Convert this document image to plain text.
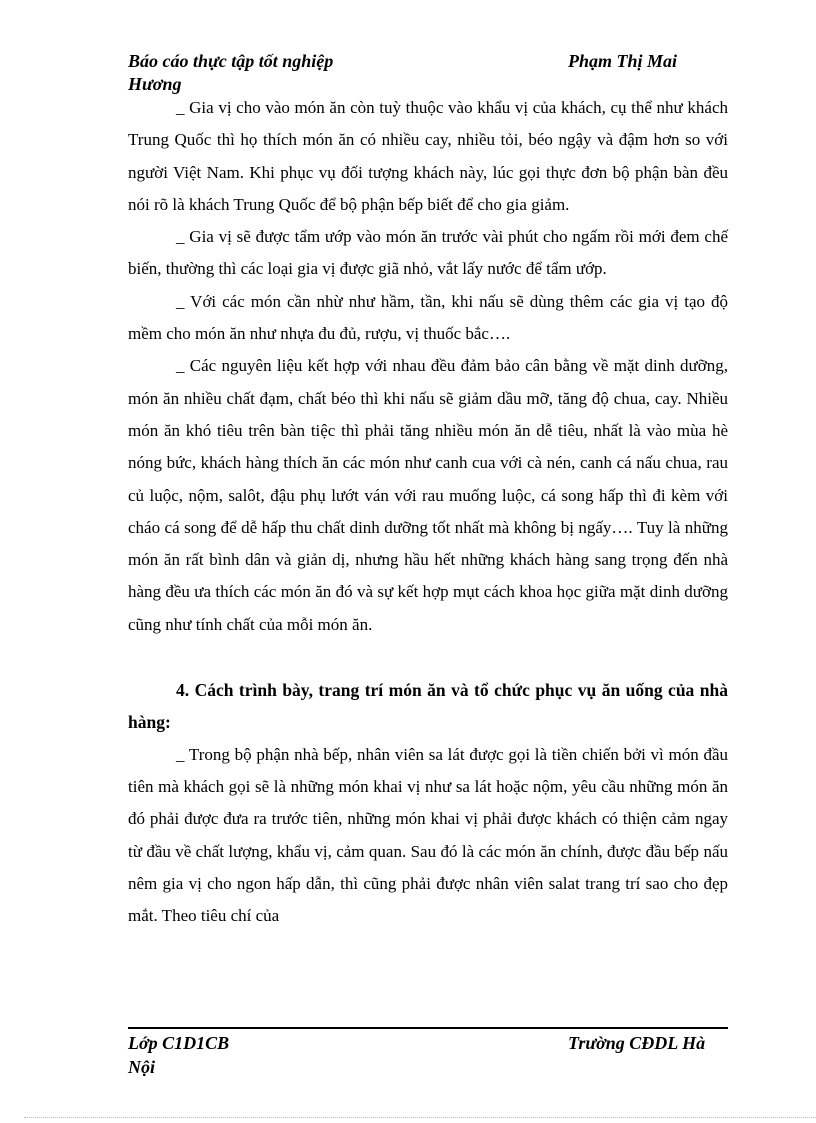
Báo cáo thực tập tốt nghiệp	Phạm Thị Mai
Hương

_ Gia vị cho vào món ăn còn tuỳ thuộc vào khẩu vị của khách, cụ thể như khách Trung Quốc thì họ thích món ăn có nhiều cay, nhiều tỏi, béo ngậy và đậm hơn so với người Việt Nam. Khi phục vụ đối tượng khách này, lúc gọi thực đơn bộ phận bàn đều nói rõ là khách Trung Quốc để bộ phận bếp biết để cho gia giảm.

_ Gia vị sẽ được tẩm ướp vào món ăn trước vài phút cho ngấm rồi mới đem chế biến, thường thì các loại gia vị được giã nhỏ, vắt lấy nước để tẩm ướp.

_ Với các món cần nhừ như hầm, tần, khi nấu sẽ dùng thêm các gia vị tạo độ mềm cho món ăn như nhựa đu đủ, rượu, vị thuốc bắc….

_ Các nguyên liệu kết hợp với nhau đều đảm bảo cân bằng về mặt dinh dưỡng, món ăn nhiều chất đạm, chất béo thì khi nấu sẽ giảm dầu mỡ, tăng độ chua, cay. Nhiều món ăn khó tiêu trên bàn tiệc thì phải tăng nhiều món ăn dễ tiêu, nhất là vào mùa hè nóng bức, khách hàng thích ăn các món như canh cua với cà nén, canh cá nấu chua, rau củ luộc, nộm, salôt, đậu phụ lướt ván với rau muống luộc, cá song hấp thì đi kèm với cháo cá song để dễ hấp thu chất dinh dưỡng tốt nhất mà không bị ngấy…. Tuy là những món ăn rất bình dân và giản dị, nhưng hầu hết những khách hàng sang trọng đến nhà hàng đều ưa thích các món ăn đó và sự kết hợp mụt cách khoa học giữa mặt dinh dưỡng cũng như tính chất của mỗi món ăn.

4. Cách trình bày, trang trí món ăn và tổ chức phục vụ ăn uống của nhà hàng:

_ Trong bộ phận nhà bếp, nhân viên sa lát được gọi là tiền chiến bởi vì món đầu tiên mà khách gọi sẽ là những món khai vị như sa lát hoặc nộm, yêu cầu những món ăn đó phải được đưa ra trước tiên, những món khai vị phải được khách có thiện cảm ngay từ đầu về chất lượng, khẩu vị, cảm quan. Sau đó là các món ăn chính, được đầu bếp nấu nêm gia vị cho ngon hấp dẫn, thì cũng phải được nhân viên salat trang trí sao cho đẹp mắt. Theo tiêu chí của

Lớp C1D1CB	Trường CĐDL Hà
Nội
